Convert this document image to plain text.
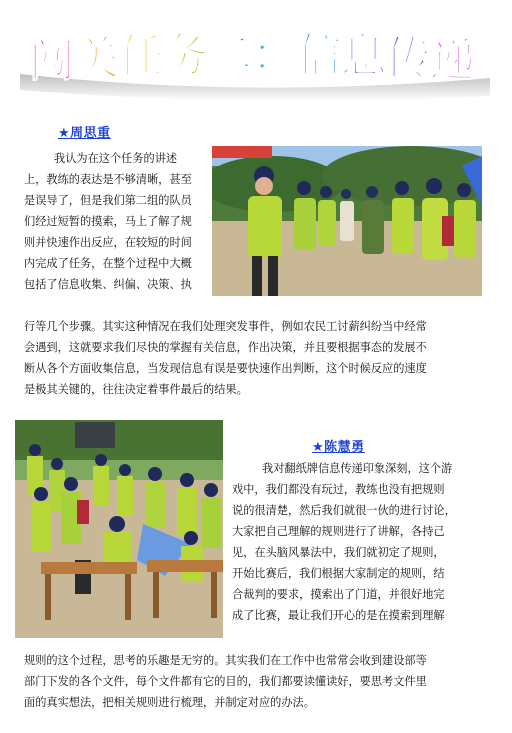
闯
关
任
务
二
：
信
息
传
递
★周思重

我认为在这个任务的讲述
上，教练的表达是不够清晰，甚至
是误导了，但是我们第二组的队员
们经过短暂的摸索，马上了解了规
则并快速作出反应，在较短的时间
内完成了任务，在整个过程中大概
包括了信息收集、纠偏、决策、执

行等几个步骤。其实这种情况在我们处理突发事件，例如农民工讨薪纠纷当中经常
会遇到，这就要求我们尽快的掌握有关信息，作出决策，并且要根据事态的发展不
断从各个方面收集信息，当发现信息有误是要快速作出判断，这个时候反应的速度
是极其关键的，往往决定着事件最后的结果。

★陈慧勇

我对翻纸牌信息传递印象深刻，这个游
戏中，我们都没有玩过，教练也没有把规则
说的很清楚，然后我们就很一伙的进行讨论，
大家把自己理解的规则进行了讲解，各持己
见，在头脑风暴法中，我们就初定了规则，
开始比赛后，我们根据大家制定的规则，结
合裁判的要求，摸索出了门道，并很好地完
成了比赛，最让我们开心的是在摸索到理解

规则的这个过程，思考的乐趣是无穷的。其实我们在工作中也常常会收到建设部等
部门下发的各个文件，每个文件都有它的目的，我们都要读懂读好，要思考文件里
面的真实想法，把相关规则进行梳理，并制定对应的办法。
